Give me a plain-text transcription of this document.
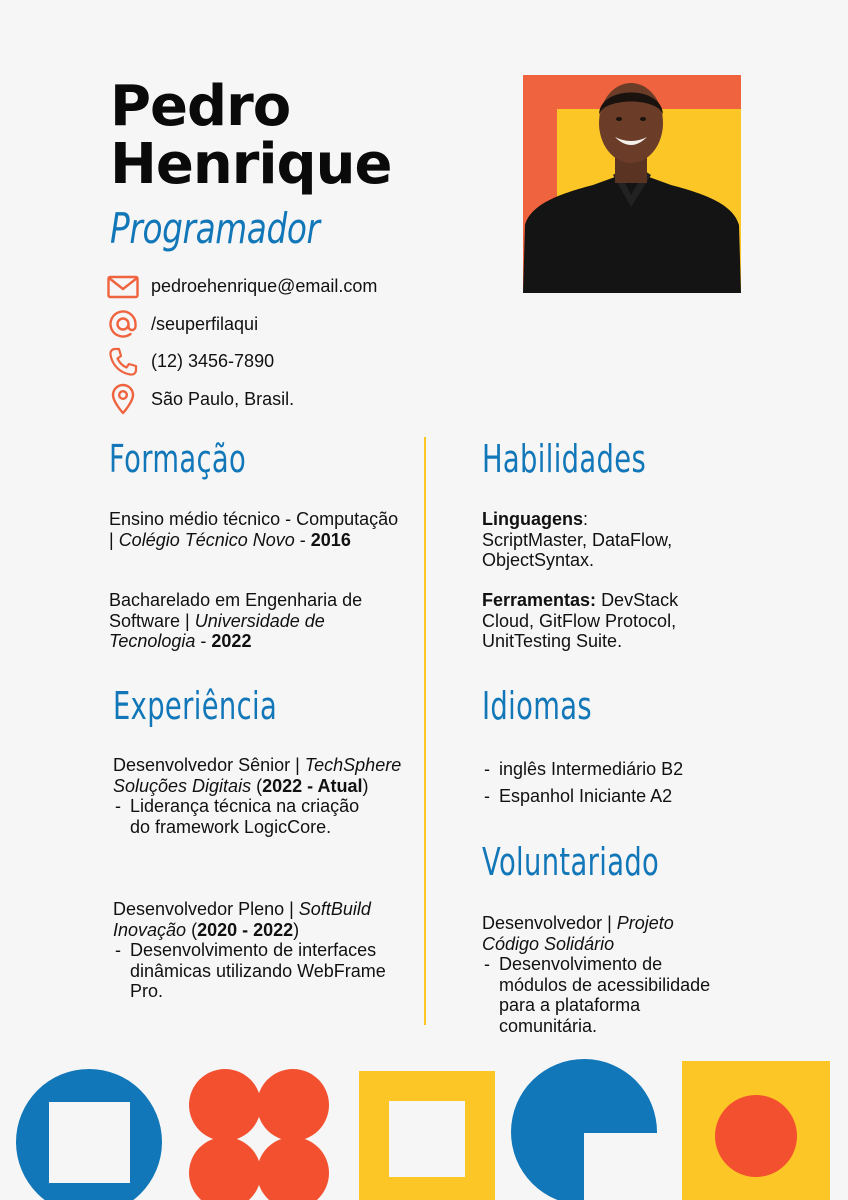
Pedro
Henrique
Programador
pedroehenrique@email.com
/seuperfilaqui
(12) 3456-7890
São Paulo, Brasil.
Formação
Ensino médio técnico - Computação | Colégio Técnico Novo - 2016
Bacharelado em Engenharia de Software | Universidade de Tecnologia - 2022
Experiência
Desenvolvedor Sênior | TechSphere Soluções Digitais (2022 - Atual)
- Liderança técnica na criação do framework LogicCore.
Desenvolvedor Pleno | SoftBuild Inovação (2020 - 2022)
- Desenvolvimento de interfaces dinâmicas utilizando WebFrame Pro.
Habilidades
Linguagens:
ScriptMaster, DataFlow, ObjectSyntax.
Ferramentas: DevStack Cloud, GitFlow Protocol, UnitTesting Suite.
Idiomas
- inglês Intermediário B2
- Espanhol Iniciante A2
Voluntariado
Desenvolvedor | Projeto Código Solidário
- Desenvolvimento de módulos de acessibilidade para a plataforma comunitária.
